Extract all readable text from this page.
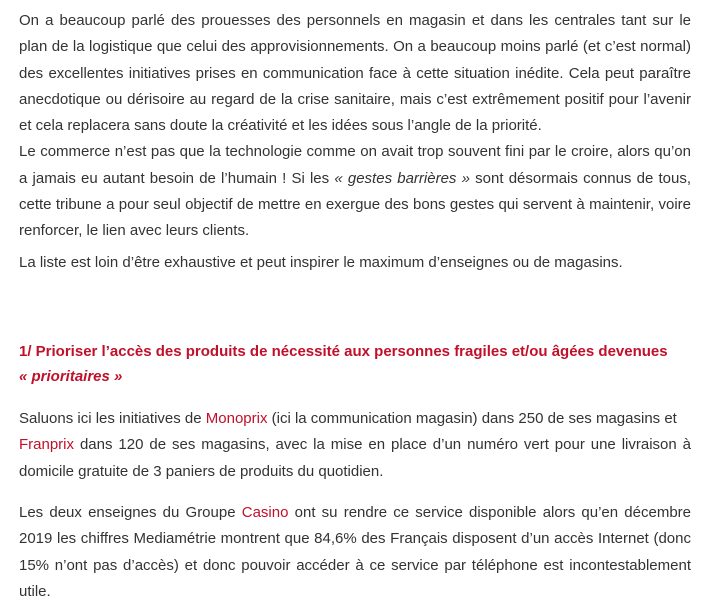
On a beaucoup parlé des prouesses des personnels en magasin et dans les centrales tant sur le plan de la logistique que celui des approvisionnements. On a beaucoup moins parlé (et c’est normal) des excellentes initiatives prises en communication face à cette situation inédite. Cela peut paraître anecdotique ou dérisoire au regard de la crise sanitaire, mais c’est extrêmement positif pour l’avenir et cela replacera sans doute la créativité et les idées sous l’angle de la priorité.
Le commerce n’est pas que la technologie comme on avait trop souvent fini par le croire, alors qu’on a jamais eu autant besoin de l’humain ! Si les « gestes barrières » sont désormais connus de tous, cette tribune a pour seul objectif de mettre en exergue des bons gestes qui servent à maintenir, voire renforcer, le lien avec leurs clients.

La liste est loin d’être exhaustive et peut inspirer le maximum d’enseignes ou de magasins.

1/ Prioriser l’accès des produits de nécessité aux personnes fragiles et/ou âgées devenues
« prioritaires »

Saluons ici les initiatives de Monoprix (ici la communication magasin) dans 250 de ses magasins et
Franprix dans 120 de ses magasins, avec la mise en place d’un numéro vert pour une livraison à domicile gratuite de 3 paniers de produits du quotidien.

Les deux enseignes du Groupe Casino ont su rendre ce service disponible alors qu’en décembre 2019 les chiffres Mediamétrie montrent que 84,6% des Français disposent d’un accès Internet (donc 15% n’ont pas d’accès) et donc pouvoir accéder à ce service par téléphone est incontestablement utile.
